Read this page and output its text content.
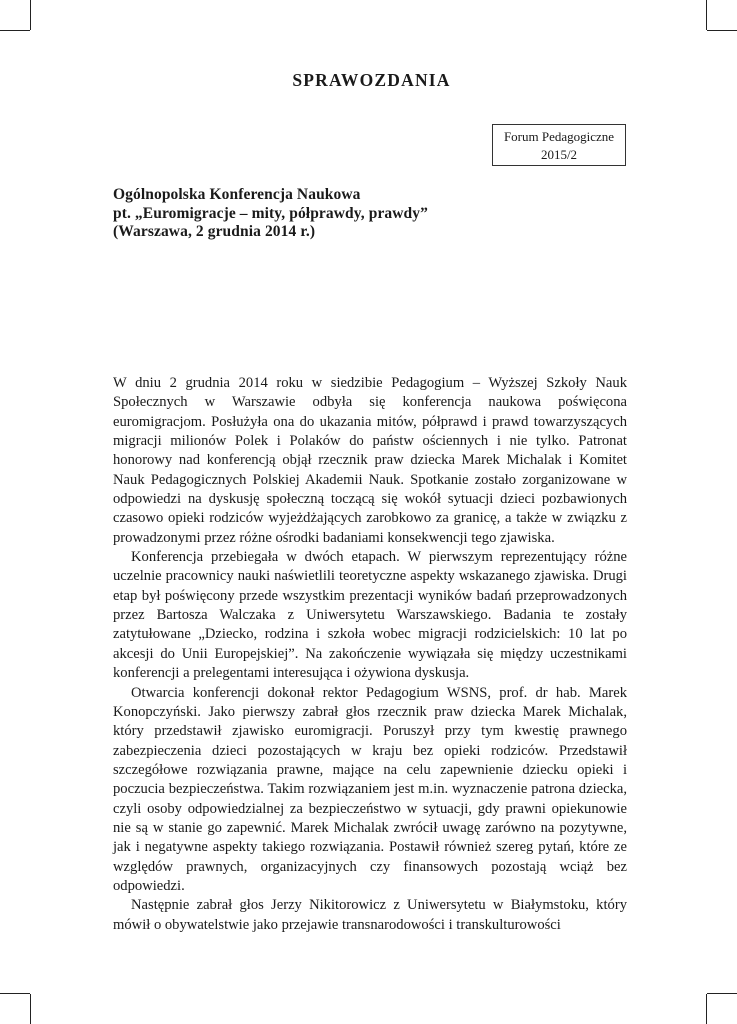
SPRAWOZDANIA
Forum Pedagogiczne
2015/2
Ogólnopolska Konferencja Naukowa
pt. „Euromigracje – mity, półprawdy, prawdy”
(Warszawa, 2 grudnia 2014 r.)

W dniu 2 grudnia 2014 roku w siedzibie Pedagogium – Wyższej Szkoły Nauk Społecznych w Warszawie odbyła się konferencja naukowa poświęcona euromigracjom. Posłużyła ona do ukazania mitów, półprawd i prawd towarzyszących migracji milionów Polek i Polaków do państw ościennych i nie tylko. Patronat honorowy nad konferencją objął rzecznik praw dziecka Marek Michalak i Komitet Nauk Pedagogicznych Polskiej Akademii Nauk. Spotkanie zostało zorganizowane w odpowiedzi na dyskusję społeczną toczącą się wokół sytuacji dzieci pozbawionych czasowo opieki rodziców wyjeżdżających zarobkowo za granicę, a także w związku z prowadzonymi przez różne ośrodki badaniami konsekwencji tego zjawiska.

Konferencja przebiegała w dwóch etapach. W pierwszym reprezentujący różne uczelnie pracownicy nauki naświetlili teoretyczne aspekty wskazanego zjawiska. Drugi etap był poświęcony przede wszystkim prezentacji wyników badań przeprowadzonych przez Bartosza Walczaka z Uniwersytetu Warszawskiego. Badania te zostały zatytułowane „Dziecko, rodzina i szkoła wobec migracji rodzicielskich: 10 lat po akcesji do Unii Europejskiej”. Na zakończenie wywiązała się między uczestnikami konferencji a prelegentami interesująca i ożywiona dyskusja.

Otwarcia konferencji dokonał rektor Pedagogium WSNS, prof. dr hab. Marek Konopczyński. Jako pierwszy zabrał głos rzecznik praw dziecka Marek Michalak, który przedstawił zjawisko euromigracji. Poruszył przy tym kwestię prawnego zabezpieczenia dzieci pozostających w kraju bez opieki rodziców. Przedstawił szczegółowe rozwiązania prawne, mające na celu zapewnienie dziecku opieki i poczucia bezpieczeństwa. Takim rozwiązaniem jest m.in. wyznaczenie patrona dziecka, czyli osoby odpowiedzialnej za bezpieczeństwo w sytuacji, gdy prawni opiekunowie nie są w stanie go zapewnić. Marek Michalak zwrócił uwagę zarówno na pozytywne, jak i negatywne aspekty takiego rozwiązania. Postawił również szereg pytań, które ze względów prawnych, organizacyjnych czy finansowych pozostają wciąż bez odpowiedzi.

Następnie zabrał głos Jerzy Nikitorowicz z Uniwersytetu w Białymstoku, który mówił o obywatelstwie jako przejawie transnarodowości i transkulturowości
